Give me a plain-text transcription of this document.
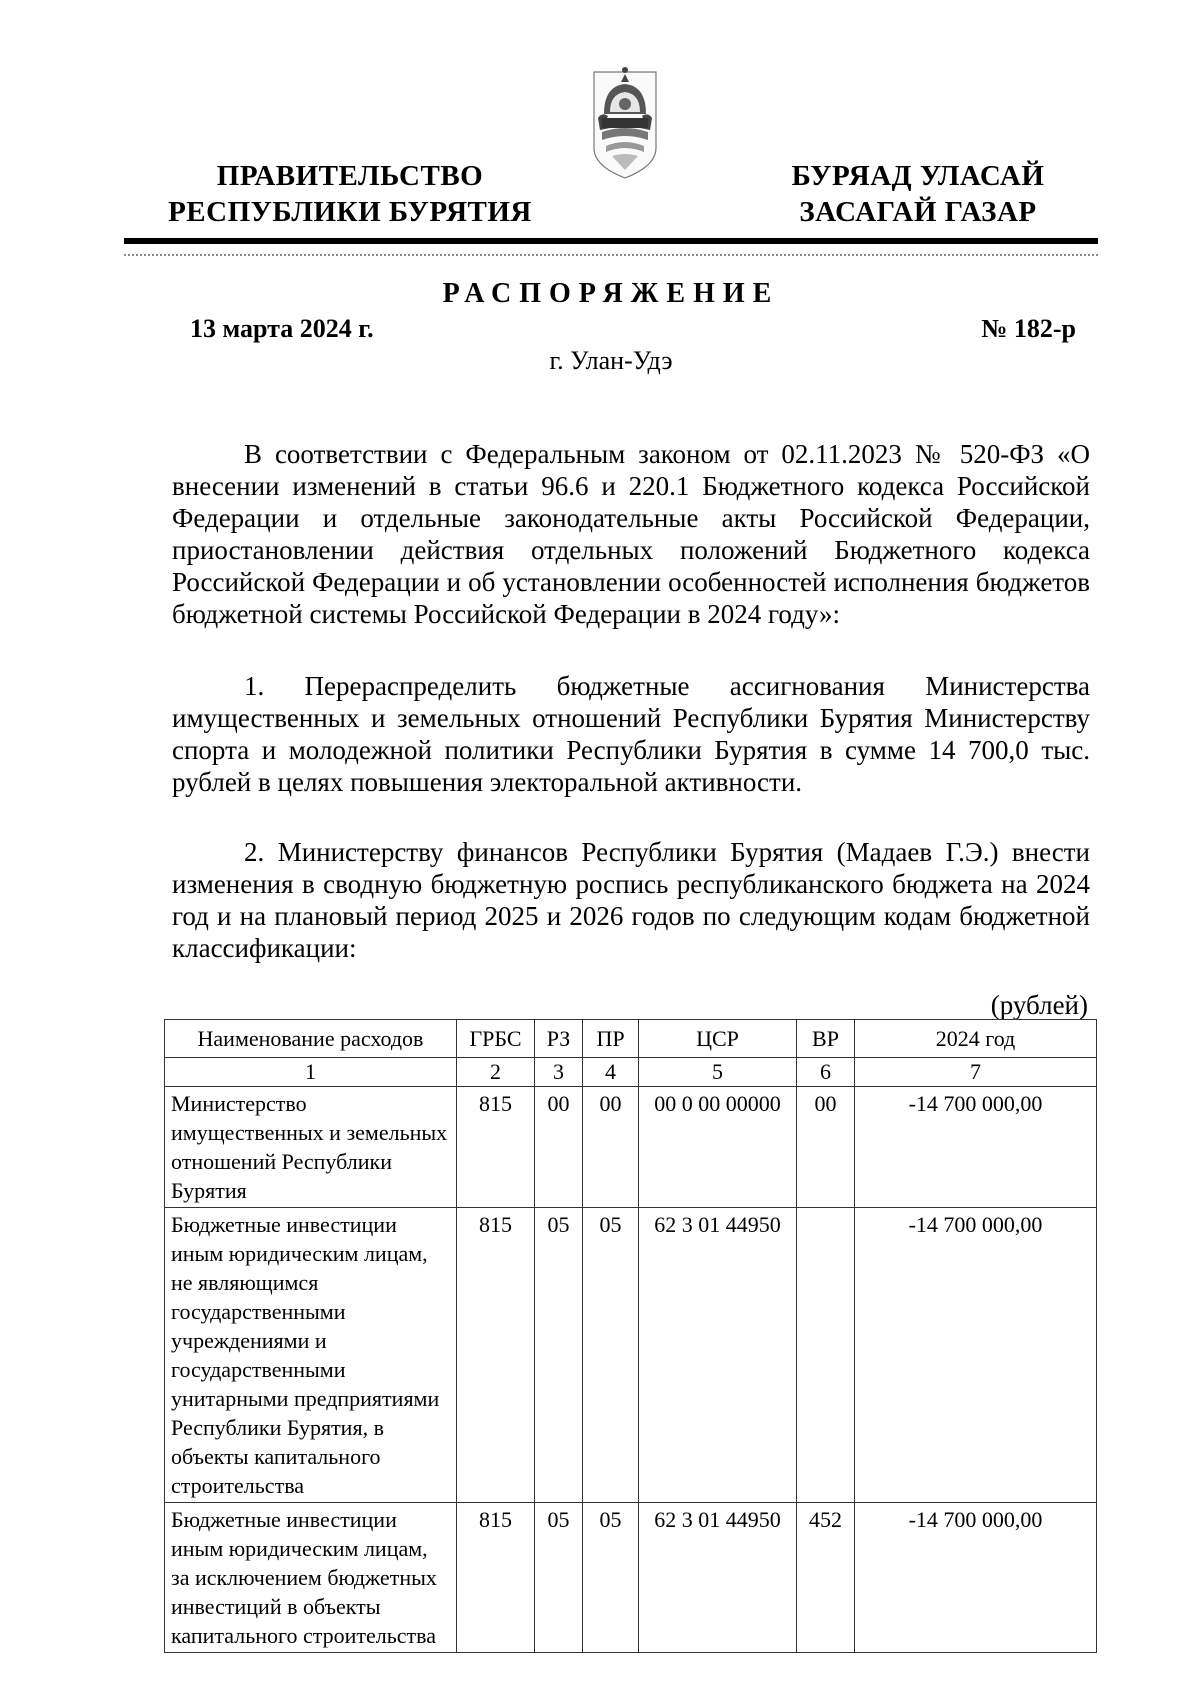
ПРАВИТЕЛЬСТВО
РЕСПУБЛИКИ БУРЯТИЯ
БУРЯАД УЛАСАЙ
ЗАСАГАЙ ГАЗАР
РАСПОРЯЖЕНИЕ
13 марта 2024 г.	№ 182-р
г. Улан-Удэ
В соответствии с Федеральным законом от 02.11.2023 № 520-ФЗ «О внесении изменений в статьи 96.6 и 220.1 Бюджетного кодекса Российской Федерации и отдельные законодательные акты Российской Федерации, приостановлении действия отдельных положений Бюджетного кодекса Российской Федерации и об установлении особенностей исполнения бюджетов бюджетной системы Российской Федерации в 2024 году»:
1. Перераспределить бюджетные ассигнования Министерства имущественных и земельных отношений Республики Бурятия Министерству спорта и молодежной политики Республики Бурятия в сумме 14 700,0 тыс. рублей в целях повышения электоральной активности.
2. Министерству финансов Республики Бурятия (Мадаев Г.Э.) внести изменения в сводную бюджетную роспись республиканского бюджета на 2024 год и на плановый период 2025 и 2026 годов по следующим кодам бюджетной классификации:
(рублей)
Наименование расходов	ГРБС	РЗ	ПР	ЦСР	ВР	2024 год
1	2	3	4	5	6	7
Министерство имущественных и земельных отношений Республики Бурятия	815	00	00	00 0 00 00000	00	-14 700 000,00
Бюджетные инвестиции иным юридическим лицам, не являющимся государственными учреждениями и государственными унитарными предприятиями Республики Бурятия, в объекты капитального строительства	815	05	05	62 3 01 44950		-14 700 000,00
Бюджетные инвестиции иным юридическим лицам, за исключением бюджетных инвестиций в объекты капитального строительства	815	05	05	62 3 01 44950	452	-14 700 000,00
